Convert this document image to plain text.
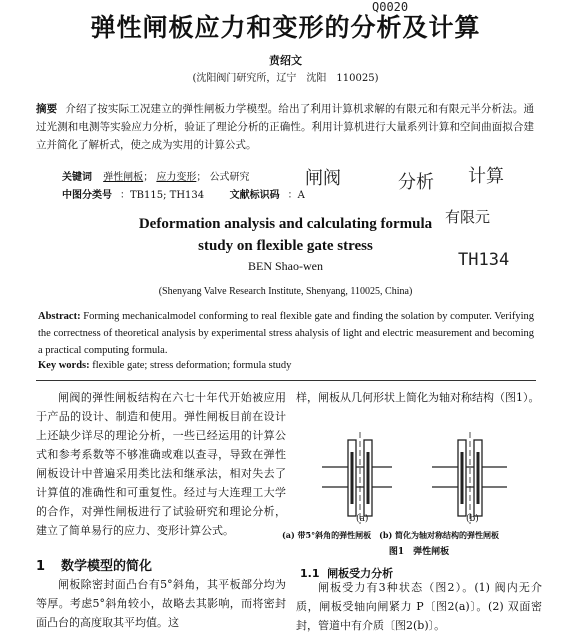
弹性闸板应力和变形的分析及计算
贲绍文
(沈阳阀门研究所，辽宁　沈阳　110025)
摘要 介绍了按实际工况建立的弹性闸板力学模型。给出了利用计算机求解的有限元和有限元半分析法。通过光测和电测等实验应力分析，验证了理论分析的正确性。利用计算机进行大量系列计算和空间曲面拟合建立并简化了解析式，使之成为实用的计算公式。
关键词 弹性闸板； 应力变形； 公式研究
中图分类号 ：TB115; TH134	文献标识码 ：A
Deformation analysis and calculating formula
study on flexible gate stress
BEN Shao-wen
(Shenyang Valve Research Institute, Shenyang, 110025, China)
Abstract: Forming mechanicalmodel conforming to real flexible gate and finding the solation by computer. Verifying the correctness of theoretical analysis by experimental stress ahalysis of light and electric measurement and becoming a practical computing formula.
Key words: flexible gate; stress deformation; formula study
闸阀的弹性闸板结构在六七十年代开始被应用于产品的设计、制造和使用。弹性闸板目前在设计上还缺少详尽的理论分析，一些已经运用的计算公式和参考系数等不够准确或难以查寻，导致在弹性闸板设计中普遍采用类比法和继承法，相对失去了计算值的准确性和可重复性。经过与大连理工大学的合作，对弹性闸板进行了试验研究和理论分析，建立了简单易行的应力、变形计算公式。
样，闸板从几何形状上简化为轴对称结构（图1）。
(a)	(b)
(a) 带5°斜角的弹性闸板　(b) 简化为轴对称结构的弹性闸板
图1　弹性闸板
1 数学模型的简化
闸板除密封面凸台有5°斜角，其平板部分均为等厚。考虑5°斜角较小，故略去其影响，而将密封面凸台的高度取其平均值。这
1.1 闸板受力分析
闸板受力有3种状态（图2）。(1) 阀内无介质，闸板受轴向闸紧力 P〔图2(a)〕。(2) 双面密封，管道中有介质〔图2(b)〕。
Q0020
闸阀	分析 计算
有限元
TH134
